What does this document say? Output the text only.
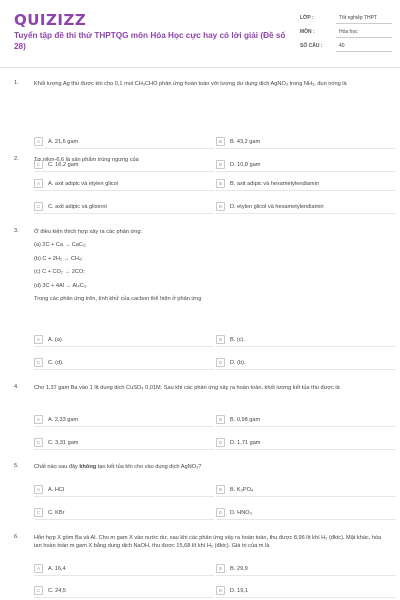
QUIZIZZ
Tuyển tập đề thi thử THPTQG môn Hóa Học cực hay có lời giải (Đề số 28)
LỚP :	Tốt nghiệp THPT
MÔN :	Hóa học
SỐ CÂU :	40
1.	Khối lượng Ag thu được khi cho 0,1 mol CH₃CHO phản ứng hoàn toàn với lượng dư dung dịch AgNO₃ trong NH₃, đun nóng là
A	A. 21,6 gam	B	B. 43,2 gam
C	C. 16,2 gam	D	D. 10,8 gam
2.	Tơ nilon-6,6 là sản phẩm trùng ngưng của
A	A. axit adipic và etylen glicol	B	B. axit adipic và hexametylendiamin
C	C. axit adipic và glixerol	D	D. etylen glicol và hexametylendiamin
3.	Ở điều kiện thích hợp xảy ra các phản ứng:
(a) 2C + Ca → CaC₂;
(b) C + 2H₂ → CH₄;
(c) C + CO₂ → 2CO;
(d) 3C + 4Al → Al₄C₃.
Trong các phản ứng trên, tính khử của cacbon thể hiện ở phản ứng
A	A. (a).	B	B. (c).
C	C. (d).	D	D. (b).
4.	Cho 1,37 gam Ba vào 1 lít dung dịch CuSO₄ 0,01M. Sau khi các phản ứng xảy ra hoàn toàn, khối lượng kết tủa thu được là
A	A. 2,33 gam	B	B. 0,98 gam
C	C. 3,31 gam	D	D. 1,71 gam
5.	Chất nào sau đây không tạo kết tủa khi cho vào dung dịch AgNO₃?
A	A. HCl	B	B. K₃PO₄
C	C. KBr	D	D. HNO₃
6.	Hỗn hợp X gồm Ba và Al. Cho m gam X vào nước dư, sau khi các phản ứng xảy ra hoàn toàn, thu được 8,96 lít khí H₂ (đktc). Mặt khác, hòa tan hoàn toàn m gam X bằng dung dịch NaOH, thu được 15,68 lít khí H₂ (đktc). Giá trị của m là
A	A. 16,4	B	B. 29,9
C	C. 24,5	D	D. 19,1
